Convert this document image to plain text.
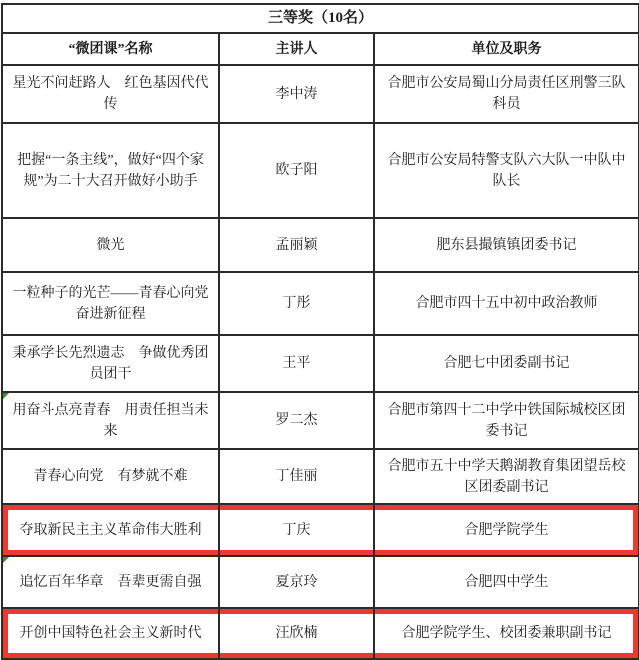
三等奖（10名）		
“微团课”名称	主讲人	单位及职务
星光不问赶路人　红色基因代代传	李中涛	合肥市公安局蜀山分局责任区刑警三队科员
把握“一条主线”，做好“四个家规”为二十大召开做好小助手	欧子阳	合肥市公安局特警支队六大队一中队中队长
微光	孟丽颖	肥东县撮镇镇团委书记
一粒种子的光芒——青春心向党　奋进新征程	丁彤	合肥市四十五中初中政治教师
秉承学长先烈遗志　争做优秀团员团干	王平	合肥七中团委副书记

用奋斗点亮青春　用责任担当未来	罗二杰	合肥市第四十二中学中铁国际城校区团委书记
青春心向党　有梦就不难	丁佳丽	合肥市五十中学天鹅湖教育集团望岳校区团委副书记
夺取新民主主义革命伟大胜利	丁庆	合肥学院学生

追忆百年华章　吾辈更需自强	夏京玲	合肥四中学生
开创中国特色社会主义新时代	汪欣楠	合肥学院学生、校团委兼职副书记
